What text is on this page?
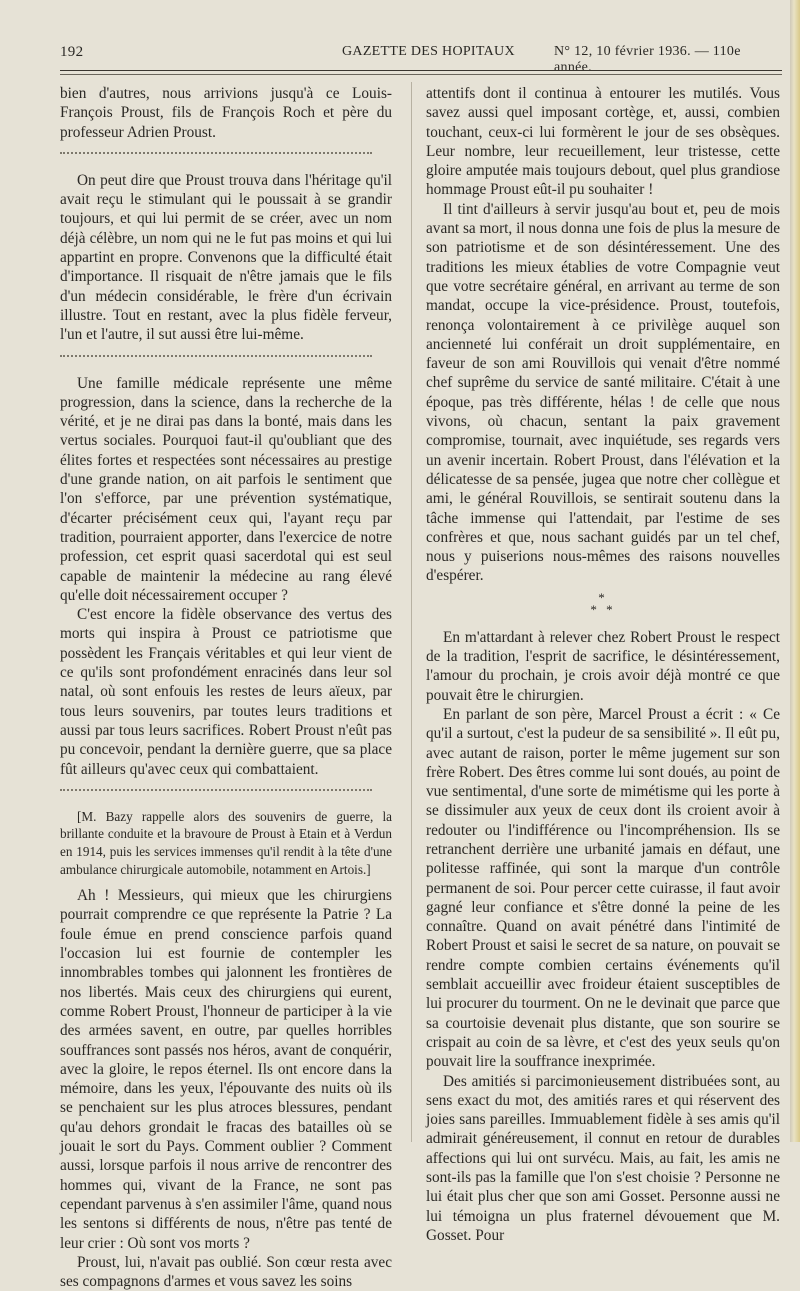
192	GAZETTE DES HOPITAUX	N° 12, 10 février 1936. — 110e année.

bien d'autres, nous arrivions jusqu'à ce Louis-François Proust, fils de François Roch et père du professeur Adrien Proust.

On peut dire que Proust trouva dans l'héritage qu'il avait reçu le stimulant qui le poussait à se grandir toujours, et qui lui permit de se créer, avec un nom déjà célèbre, un nom qui ne le fut pas moins et qui lui appartint en propre. Convenons que la difficulté était d'importance. Il risquait de n'être jamais que le fils d'un médecin considérable, le frère d'un écrivain illustre. Tout en restant, avec la plus fidèle ferveur, l'un et l'autre, il sut aussi être lui-même.

Une famille médicale représente une même progression, dans la science, dans la recherche de la vérité, et je ne dirai pas dans la bonté, mais dans les vertus sociales. Pourquoi faut-il qu'oubliant que des élites fortes et respectées sont nécessaires au prestige d'une grande nation, on ait parfois le sentiment que l'on s'efforce, par une prévention systématique, d'écarter précisément ceux qui, l'ayant reçu par tradition, pourraient apporter, dans l'exercice de notre profession, cet esprit quasi sacerdotal qui est seul capable de maintenir la médecine au rang élevé qu'elle doit nécessairement occuper ?

C'est encore la fidèle observance des vertus des morts qui inspira à Proust ce patriotisme que possèdent les Français véritables et qui leur vient de ce qu'ils sont profondément enracinés dans leur sol natal, où sont enfouis les restes de leurs aïeux, par tous leurs souvenirs, par toutes leurs traditions et aussi par tous leurs sacrifices. Robert Proust n'eût pas pu concevoir, pendant la dernière guerre, que sa place fût ailleurs qu'avec ceux qui combattaient.

[M. Bazy rappelle alors des souvenirs de guerre, la brillante conduite et la bravoure de Proust à Etain et à Verdun en 1914, puis les services immenses qu'il rendit à la tête d'une ambulance chirurgicale automobile, notamment en Artois.]

Ah ! Messieurs, qui mieux que les chirurgiens pourrait comprendre ce que représente la Patrie ? La foule émue en prend conscience parfois quand l'occasion lui est fournie de contempler les innombrables tombes qui jalonnent les frontières de nos libertés. Mais ceux des chirurgiens qui eurent, comme Robert Proust, l'honneur de participer à la vie des armées savent, en outre, par quelles horribles souffrances sont passés nos héros, avant de conquérir, avec la gloire, le repos éternel. Ils ont encore dans la mémoire, dans les yeux, l'épouvante des nuits où ils se penchaient sur les plus atroces blessures, pendant qu'au dehors grondait le fracas des batailles où se jouait le sort du Pays. Comment oublier ? Comment aussi, lorsque parfois il nous arrive de rencontrer des hommes qui, vivant de la France, ne sont pas cependant parvenus à s'en assimiler l'âme, quand nous les sentons si différents de nous, n'être pas tenté de leur crier : Où sont vos morts ?

Proust, lui, n'avait pas oublié. Son cœur resta avec ses compagnons d'armes et vous savez les soins

attentifs dont il continua à entourer les mutilés. Vous savez aussi quel imposant cortège, et, aussi, combien touchant, ceux-ci lui formèrent le jour de ses obsèques. Leur nombre, leur recueillement, leur tristesse, cette gloire amputée mais toujours debout, quel plus grandiose hommage Proust eût-il pu souhaiter !

Il tint d'ailleurs à servir jusqu'au bout et, peu de mois avant sa mort, il nous donna une fois de plus la mesure de son patriotisme et de son désintéressement. Une des traditions les mieux établies de votre Compagnie veut que votre secrétaire général, en arrivant au terme de son mandat, occupe la vice-présidence. Proust, toutefois, renonça volontairement à ce privilège auquel son ancienneté lui conférait un droit supplémentaire, en faveur de son ami Rouvillois qui venait d'être nommé chef suprême du service de santé militaire. C'était à une époque, pas très différente, hélas ! de celle que nous vivons, où chacun, sentant la paix gravement compromise, tournait, avec inquiétude, ses regards vers un avenir incertain. Robert Proust, dans l'élévation et la délicatesse de sa pensée, jugea que notre cher collègue et ami, le général Rouvillois, se sentirait soutenu dans la tâche immense qui l'attendait, par l'estime de ses confrères et que, nous sachant guidés par un tel chef, nous y puiserions nous-mêmes des raisons nouvelles d'espérer.

*
* *

En m'attardant à relever chez Robert Proust le respect de la tradition, l'esprit de sacrifice, le désintéressement, l'amour du prochain, je crois avoir déjà montré ce que pouvait être le chirurgien.

En parlant de son père, Marcel Proust a écrit : « Ce qu'il a surtout, c'est la pudeur de sa sensibilité ». Il eût pu, avec autant de raison, porter le même jugement sur son frère Robert. Des êtres comme lui sont doués, au point de vue sentimental, d'une sorte de mimétisme qui les porte à se dissimuler aux yeux de ceux dont ils croient avoir à redouter ou l'indifférence ou l'incompréhension. Ils se retranchent derrière une urbanité jamais en défaut, une politesse raffinée, qui sont la marque d'un contrôle permanent de soi. Pour percer cette cuirasse, il faut avoir gagné leur confiance et s'être donné la peine de les connaître. Quand on avait pénétré dans l'intimité de Robert Proust et saisi le secret de sa nature, on pouvait se rendre compte combien certains événements qu'il semblait accueillir avec froideur étaient susceptibles de lui procurer du tourment. On ne le devinait que parce que sa courtoisie devenait plus distante, que son sourire se crispait au coin de sa lèvre, et c'est des yeux seuls qu'on pouvait lire la souffrance inexprimée.

Des amitiés si parcimonieusement distribuées sont, au sens exact du mot, des amitiés rares et qui réservent des joies sans pareilles. Immuablement fidèle à ses amis qu'il admirait généreusement, il connut en retour de durables affections qui lui ont survécu. Mais, au fait, les amis ne sont-ils pas la famille que l'on s'est choisie ? Personne ne lui était plus cher que son ami Gosset. Personne aussi ne lui témoigna un plus fraternel dévouement que M. Gosset. Pour
